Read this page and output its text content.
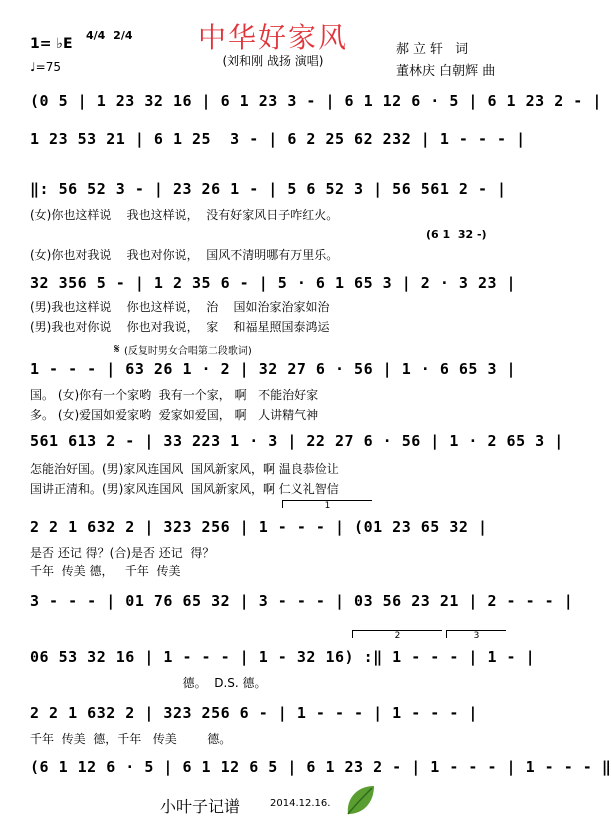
中华好家风
(刘和刚 战扬 演唱)
1= ♭E
4/4 2/4
♩=75
郝立轩 词
董林庆 白朝辉 曲
(0 5 | 1 23 32 16 | 6 1 23 3 - | 6 1 12 6 · 5 | 6 1 23 2 - |
1 23 53 21 | 6 1 25  3 - | 6 2 25 62 232 | 1 - - - |
‖: 56 52 3 - | 23 26 1 - | 5 6 52 3 | 56 561 2 - |
(女)你也这样说    我也这样说，  没有好家风日子咋红火。
(女)你也对我说    我也对你说，  国风不清明哪有万里乐。
(6 1  32 -)
32 356 5 - | 1 2 35 6 - | 5 · 6 1 65 3 | 2 · 3 23 |
(男)我也这样说    你也这样说，  治    国如治家治家如治
(男)我也对你说    你也对我说，  家    和福星照国泰鸿运
𝄋 (反复时男女合唱第二段歌词)
1 - - - | 63 26 1 · 2 | 32 27 6 · 56 | 1 · 6 65 3 |
国。 (女)你有一个家哟  我有一个家， 啊   不能治好家
多。 (女)爱国如爱家哟  爱家如爱国， 啊   人讲精气神
561 613 2 - | 33 223 1 · 3 | 22 27 6 · 56 | 1 · 2 65 3 |
怎能治好国。(男)家风连国风  国风新家风，啊 温良恭俭让
国讲正清和。(男)家风连国风  国风新家风，啊 仁义礼智信
1
2 2 1 632 2 | 323 256 | 1 - - - | (01 23 65 32 |
是否 还记 得？(合)是否 还记  得？
千年  传美 德，   千年  传美
3 - - - | 01 76 65 32 | 3 - - - | 03 56 23 21 | 2 - - - |
2	3
06 53 32 16 | 1 - - - | 1 - 32 16) :‖ 1 - - - | 1 - |
德。  D.S. 德。
2 2 1 632 2 | 323 256 6 - | 1 - - - | 1 - - - |
千年  传美  德，千年   传美        德。
(6 1 12 6 · 5 | 6 1 12 6 5 | 6 1 23 2 - | 1 - - - | 1 - - - ‖
小叶子记谱	2014.12.16.
